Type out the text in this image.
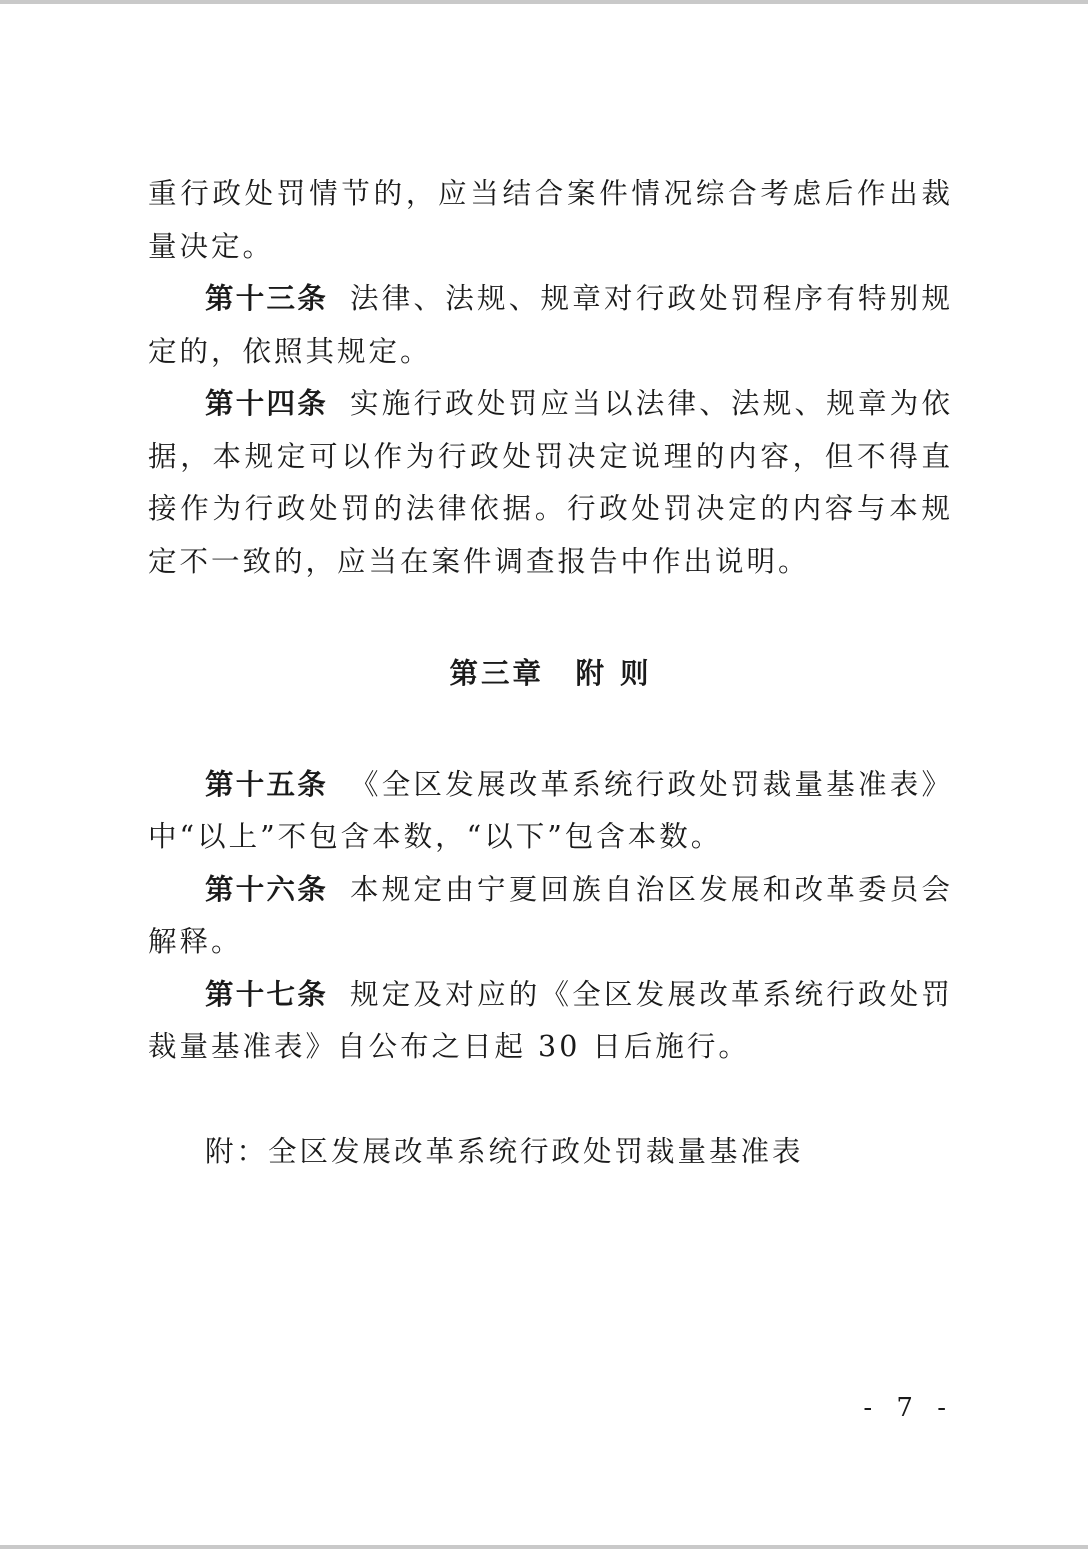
重行政处罚情节的，应当结合案件情况综合考虑后作出裁量决定。

第十三条 法律、法规、规章对行政处罚程序有特别规定的，依照其规定。

第十四条 实施行政处罚应当以法律、法规、规章为依据，本规定可以作为行政处罚决定说理的内容，但不得直接作为行政处罚的法律依据。行政处罚决定的内容与本规定不一致的，应当在案件调查报告中作出说明。

第三章　附 则

第十五条 《全区发展改革系统行政处罚裁量基准表》中“以上”不包含本数，“以下”包含本数。

第十六条 本规定由宁夏回族自治区发展和改革委员会解释。

第十七条 规定及对应的《全区发展改革系统行政处罚裁量基准表》自公布之日起 30 日后施行。

附：全区发展改革系统行政处罚裁量基准表

- 7 -
